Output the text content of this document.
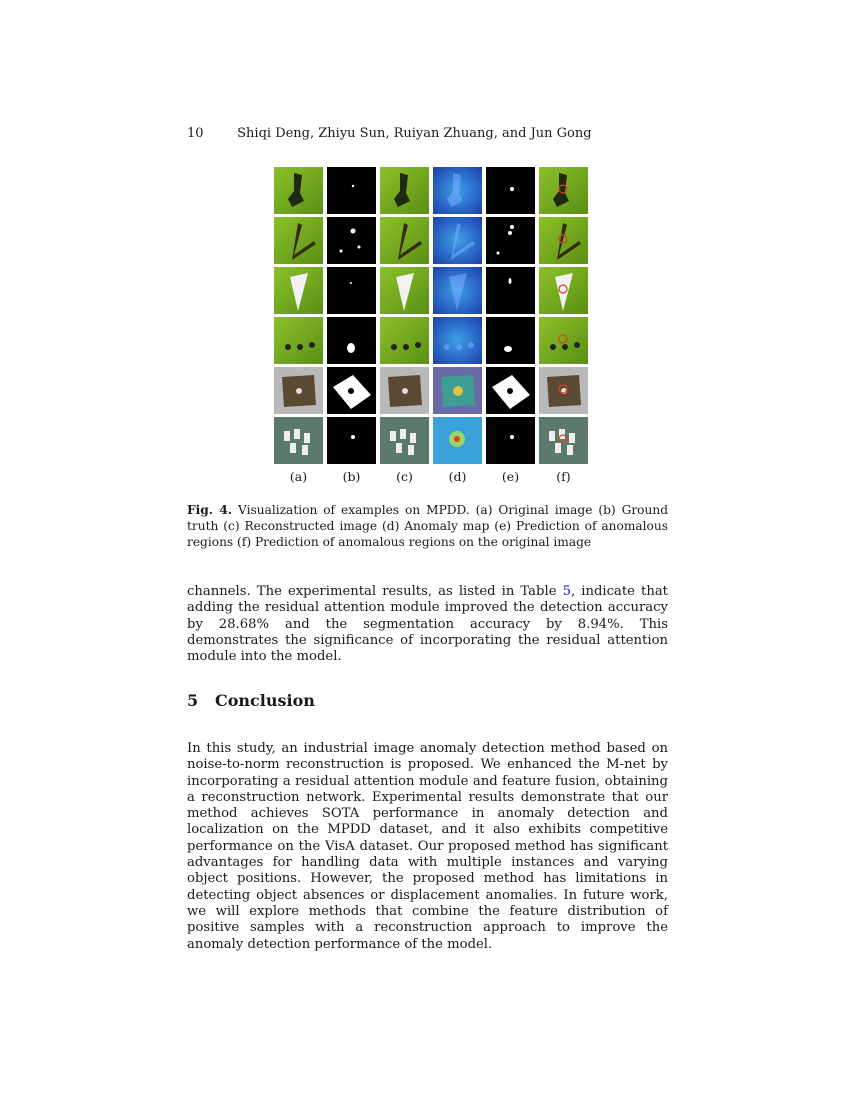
10	Shiqi Deng, Zhiyu Sun, Ruiyan Zhuang, and Jun Gong
(a)	(b)	(c)	(d)	(e)	(f)
Fig. 4. Visualization of examples on MPDD. (a) Original image (b) Ground truth (c) Reconstructed image (d) Anomaly map (e) Prediction of anomalous regions (f) Prediction of anomalous regions on the original image

channels. The experimental results, as listed in Table 5, indicate that adding the residual attention module improved the detection accuracy by 28.68% and the segmentation accuracy by 8.94%. This demonstrates the significance of incorporating the residual attention module into the model.

5 Conclusion

In this study, an industrial image anomaly detection method based on noise-to-norm reconstruction is proposed. We enhanced the M-net by incorporating a residual attention module and feature fusion, obtaining a reconstruction network. Experimental results demonstrate that our method achieves SOTA performance in anomaly detection and localization on the MPDD dataset, and it also exhibits competitive performance on the VisA dataset. Our proposed method has significant advantages for handling data with multiple instances and varying object positions. However, the proposed method has limitations in detecting object absences or displacement anomalies. In future work, we will explore methods that combine the feature distribution of positive samples with a reconstruction approach to improve the anomaly detection performance of the model.
